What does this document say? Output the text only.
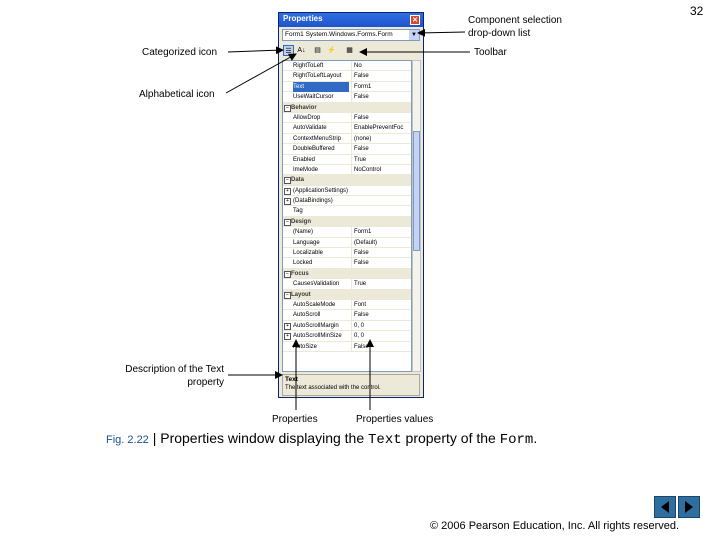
32
Component selection
drop-down list
Toolbar
Categorized icon
Alphabetical icon
Description of the Text
property
Properties	Properties values
Properties	✕
Form1 System.Windows.Forms.Form	▼
☰ A↓	▤ ⚡	▦
RightToLeft	No
RightToLeftLayout	False
Text	Form1
UseWaitCursor	False
− Behavior
AllowDrop	False
AutoValidate	EnablePreventFoc
ContextMenuStrip	(none)
DoubleBuffered	False
Enabled	True
ImeMode	NoControl
− Data
+ (ApplicationSettings)
+ (DataBindings)
Tag
− Design
(Name)	Form1
Language	(Default)
Localizable	False
Locked	False
− Focus
CausesValidation	True
− Layout
AutoScaleMode	Font
AutoScroll	False
+ AutoScrollMargin	0, 0
+ AutoScrollMinSize	0, 0
AutoSize	False
Text
The text associated with the control.
Fig. 2.22 | Properties window displaying the Text property of the Form.
© 2006 Pearson Education, Inc. All rights reserved.
